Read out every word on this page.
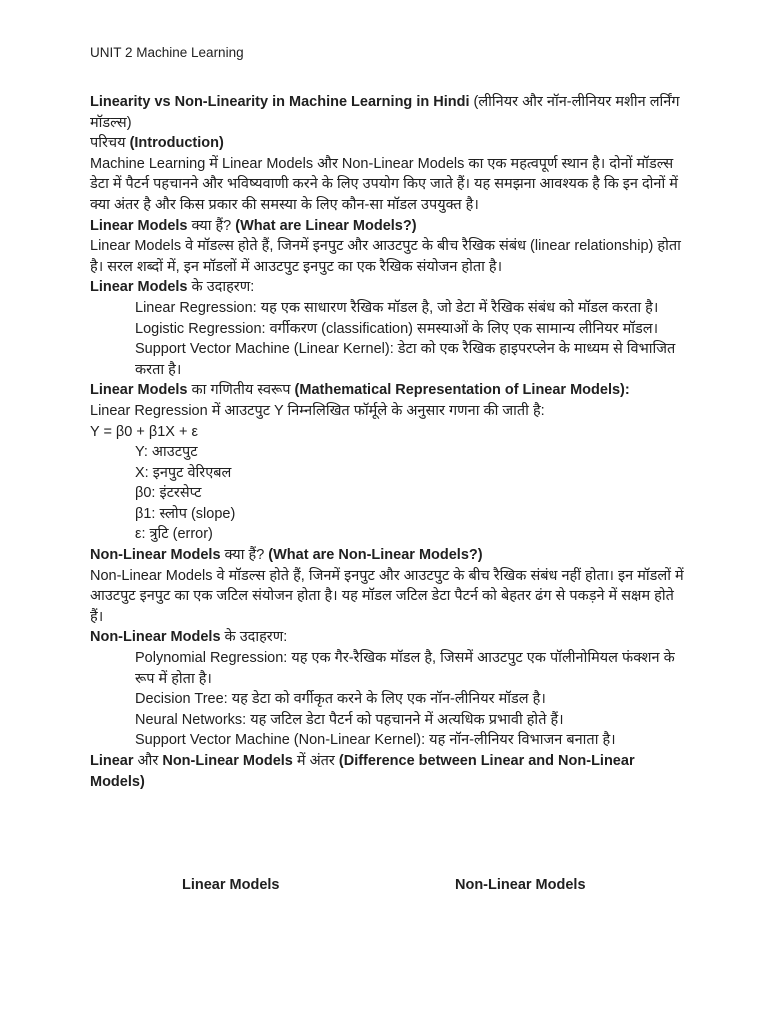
UNIT 2 Machine Learning

Linearity vs Non-Linearity in Machine Learning in Hindi (लीनियर और नॉन-लीनियर मशीन लर्निंग मॉडल्स)

परिचय (Introduction)

Machine Learning में Linear Models और Non-Linear Models का एक महत्वपूर्ण स्थान है। दोनों मॉडल्स डेटा में पैटर्न पहचानने और भविष्यवाणी करने के लिए उपयोग किए जाते हैं। यह समझना आवश्यक है कि इन दोनों में क्या अंतर है और किस प्रकार की समस्या के लिए कौन-सा मॉडल उपयुक्त है।

Linear Models क्या हैं? (What are Linear Models?)

Linear Models वे मॉडल्स होते हैं, जिनमें इनपुट और आउटपुट के बीच रैखिक संबंध (linear relationship) होता है। सरल शब्दों में, इन मॉडलों में आउटपुट इनपुट का एक रैखिक संयोजन होता है।

Linear Models के उदाहरण:

Linear Regression: यह एक साधारण रैखिक मॉडल है, जो डेटा में रैखिक संबंध को मॉडल करता है।

Logistic Regression: वर्गीकरण (classification) समस्याओं के लिए एक सामान्य लीनियर मॉडल।

Support Vector Machine (Linear Kernel): डेटा को एक रैखिक हाइपरप्लेन के माध्यम से विभाजित करता है।

Linear Models का गणितीय स्वरूप (Mathematical Representation of Linear Models):

Linear Regression में आउटपुट Y निम्नलिखित फॉर्मूले के अनुसार गणना की जाती है:

Y = β0 + β1X + ε

Y: आउटपुट

X: इनपुट वेरिएबल

β0: इंटरसेप्ट

β1: स्लोप (slope)

ε: त्रुटि (error)

Non-Linear Models क्या हैं? (What are Non-Linear Models?)

Non-Linear Models वे मॉडल्स होते हैं, जिनमें इनपुट और आउटपुट के बीच रैखिक संबंध नहीं होता। इन मॉडलों में आउटपुट इनपुट का एक जटिल संयोजन होता है। यह मॉडल जटिल डेटा पैटर्न को बेहतर ढंग से पकड़ने में सक्षम होते हैं।

Non-Linear Models के उदाहरण:

Polynomial Regression: यह एक गैर-रैखिक मॉडल है, जिसमें आउटपुट एक पॉलीनोमियल फंक्शन के रूप में होता है।

Decision Tree: यह डेटा को वर्गीकृत करने के लिए एक नॉन-लीनियर मॉडल है।

Neural Networks: यह जटिल डेटा पैटर्न को पहचानने में अत्यधिक प्रभावी होते हैं।

Support Vector Machine (Non-Linear Kernel): यह नॉन-लीनियर विभाजन बनाता है।

Linear और Non-Linear Models में अंतर (Difference between Linear and Non-Linear Models)

Linear Models	Non-Linear Models
